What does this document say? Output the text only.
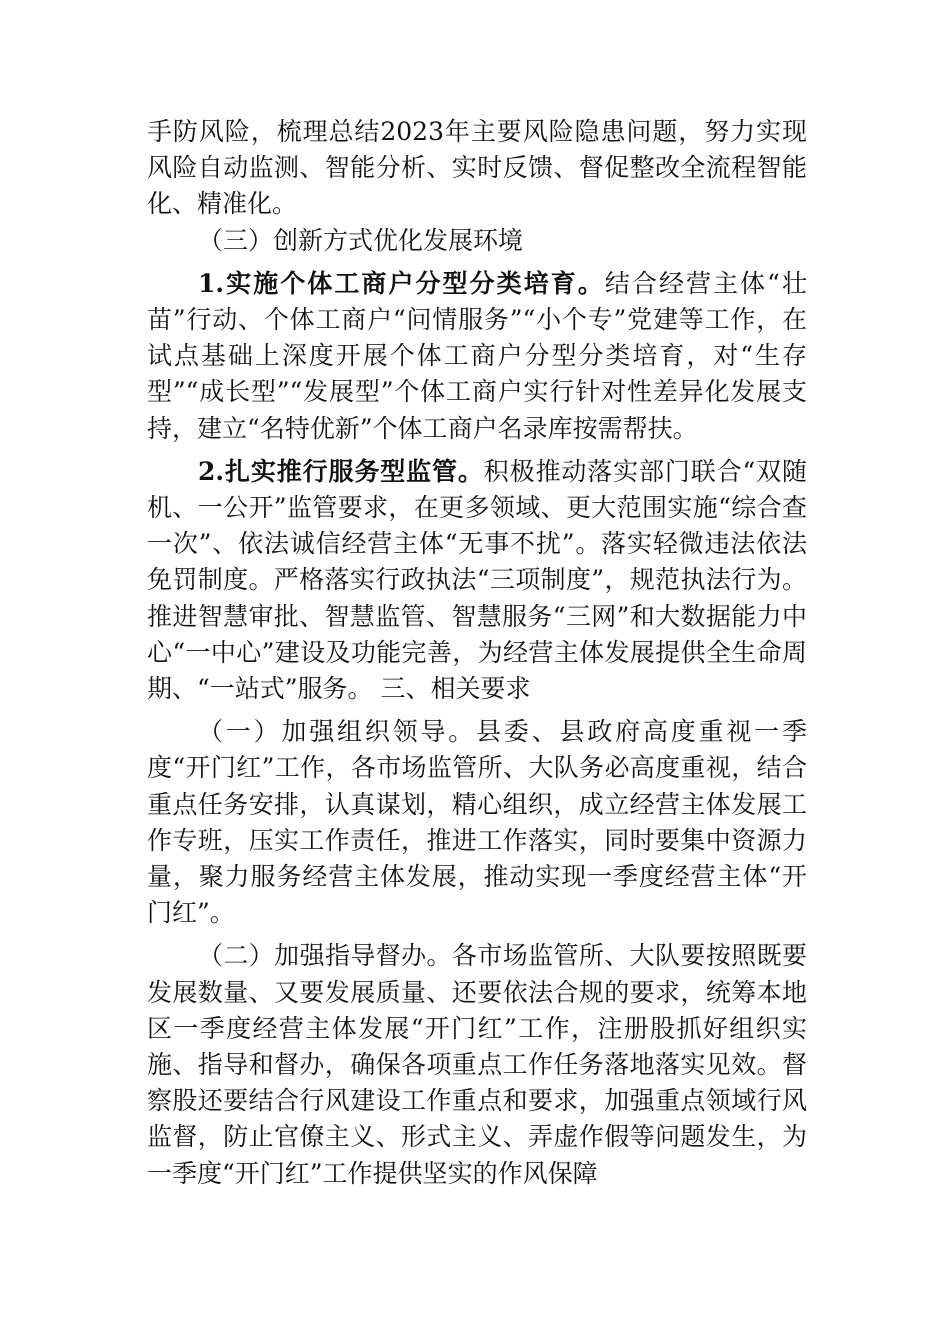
手防风险，梳理总结2023年主要风险隐患问题，努力实现风险自动监测、智能分析、实时反馈、督促整改全流程智能化、精准化。

（三）创新方式优化发展环境

1.实施个体工商户分型分类培育。结合经营主体“壮苗”行动、个体工商户“问情服务”“小个专”党建等工作，在试点基础上深度开展个体工商户分型分类培育，对“生存型”“成长型”“发展型”个体工商户实行针对性差异化发展支持，建立“名特优新”个体工商户名录库按需帮扶。

2.扎实推行服务型监管。积极推动落实部门联合“双随机、一公开”监管要求，在更多领域、更大范围实施“综合查一次”、依法诚信经营主体“无事不扰”。落实轻微违法依法免罚制度。严格落实行政执法“三项制度”，规范执法行为。推进智慧审批、智慧监管、智慧服务“三网”和大数据能力中心“一中心”建设及功能完善，为经营主体发展提供全生命周期、“一站式”服务。 三、相关要求

（一）加强组织领导。县委、县政府高度重视一季度“开门红”工作，各市场监管所、大队务必高度重视，结合重点任务安排，认真谋划，精心组织，成立经营主体发展工作专班，压实工作责任，推进工作落实，同时要集中资源力量，聚力服务经营主体发展，推动实现一季度经营主体“开门红”。

（二）加强指导督办。各市场监管所、大队要按照既要发展数量、又要发展质量、还要依法合规的要求，统筹本地区一季度经营主体发展“开门红”工作，注册股抓好组织实施、指导和督办，确保各项重点工作任务落地落实见效。督察股还要结合行风建设工作重点和要求，加强重点领域行风监督，防止官僚主义、形式主义、弄虚作假等问题发生，为一季度“开门红”工作提供坚实的作风保障
